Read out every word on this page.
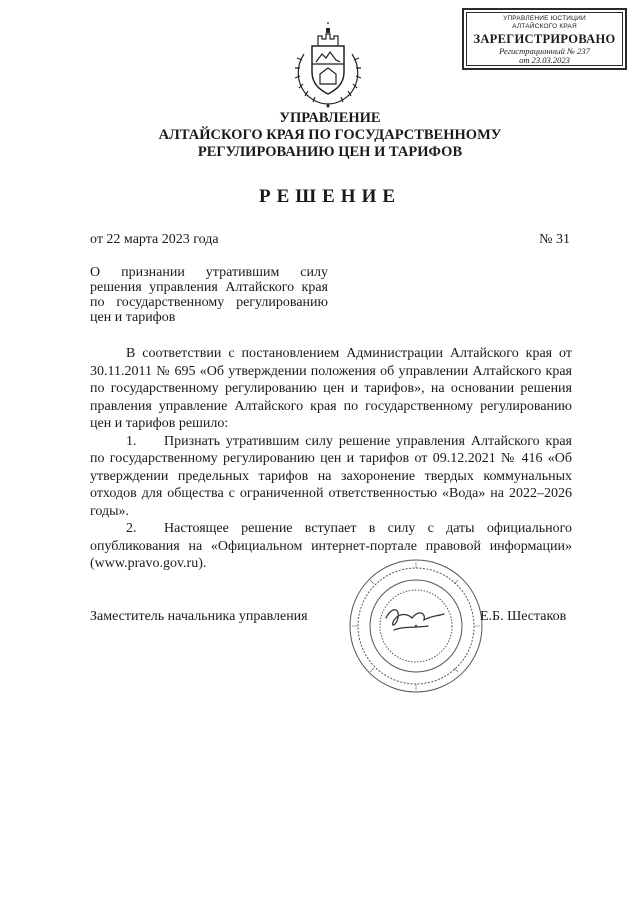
УПРАВЛЕНИЕ ЮСТИЦИИ
АЛТАЙСКОГО КРАЯ
ЗАРЕГИСТРИРОВАНО
Регистрационный № 237
от 23.03.2023
УПРАВЛЕНИЕ
АЛТАЙСКОГО КРАЯ ПО ГОСУДАРСТВЕННОМУ
РЕГУЛИРОВАНИЮ ЦЕН И ТАРИФОВ
РЕШЕНИЕ
от 22 марта 2023 года	№ 31
О признании утратившим силу
решения управления Алтайского края
по государственному регулированию
цен и тарифов

В соответствии с постановлением Администрации Алтайского края от 30.11.2011 № 695 «Об утверждении положения об управлении Алтайского края по государственному регулированию цен и тарифов», на основании решения правления управление Алтайского края по государственному регулированию цен и тарифов решило:

1. Признать утратившим силу решение управления Алтайского края по государственному регулированию цен и тарифов от 09.12.2021 № 416 «Об утверждении предельных тарифов на захоронение твердых коммунальных отходов для общества с ограниченной ответственностью «Вода» на 2022–2026 годы».

2. Настоящее решение вступает в силу с даты официального опубликования на «Официальном интернет-портале правовой информации» (www.pravo.gov.ru).

Заместитель начальника управления	Е.Б. Шестаков
